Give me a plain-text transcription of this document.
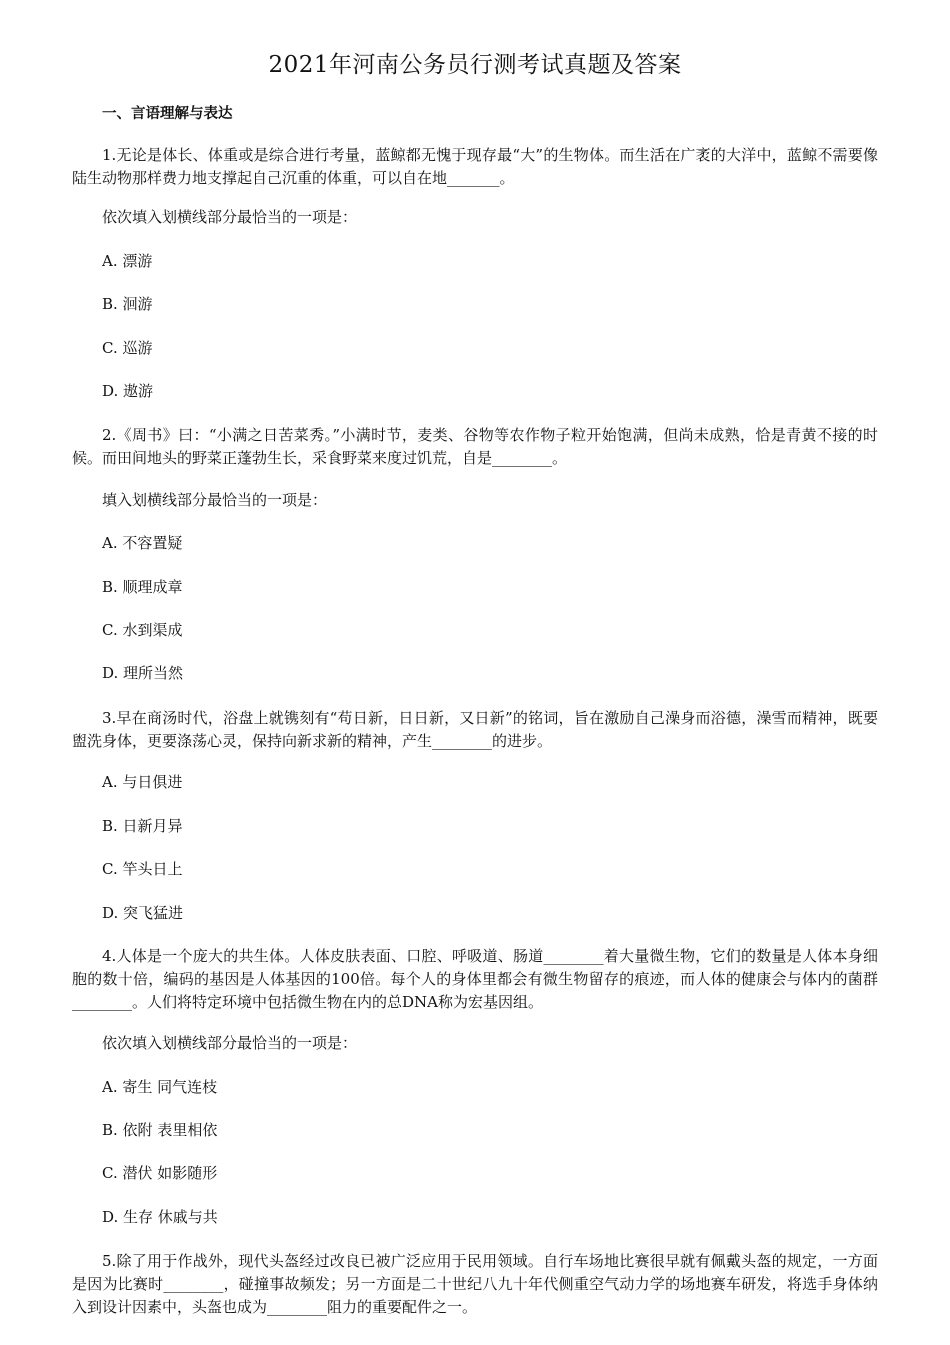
2021年河南公务员行测考试真题及答案
一、言语理解与表达
1.无论是体长、体重或是综合进行考量，蓝鲸都无愧于现存最“大”的生物体。而生活在广袤的大洋中，蓝鲸不需要像陆生动物那样费力地支撑起自己沉重的体重，可以自在地_______。
依次填入划横线部分最恰当的一项是：
A. 漂游
B. 洄游
C. 巡游
D. 遨游
2.《周书》曰：“小满之日苦菜秀。”小满时节，麦类、谷物等农作物子粒开始饱满，但尚未成熟，恰是青黄不接的时候。而田间地头的野菜正蓬勃生长，采食野菜来度过饥荒，自是________。
填入划横线部分最恰当的一项是：
A. 不容置疑
B. 顺理成章
C. 水到渠成
D. 理所当然
3.早在商汤时代，浴盘上就镌刻有“苟日新，日日新，又日新”的铭词，旨在激励自己澡身而浴德，澡雪而精神，既要盥洗身体，更要涤荡心灵，保持向新求新的精神，产生________的进步。
A. 与日俱进
B. 日新月异
C. 竿头日上
D. 突飞猛进
4.人体是一个庞大的共生体。人体皮肤表面、口腔、呼吸道、肠道________着大量微生物，它们的数量是人体本身细胞的数十倍，编码的基因是人体基因的100倍。每个人的身体里都会有微生物留存的痕迹，而人体的健康会与体内的菌群________。人们将特定环境中包括微生物在内的总DNA称为宏基因组。
依次填入划横线部分最恰当的一项是：
A. 寄生 同气连枝
B. 依附 表里相依
C. 潜伏 如影随形
D. 生存 休戚与共
5.除了用于作战外，现代头盔经过改良已被广泛应用于民用领域。自行车场地比赛很早就有佩戴头盔的规定，一方面是因为比赛时________，碰撞事故频发；另一方面是二十世纪八九十年代侧重空气动力学的场地赛车研发，将选手身体纳入到设计因素中，头盔也成为________阻力的重要配件之一。
